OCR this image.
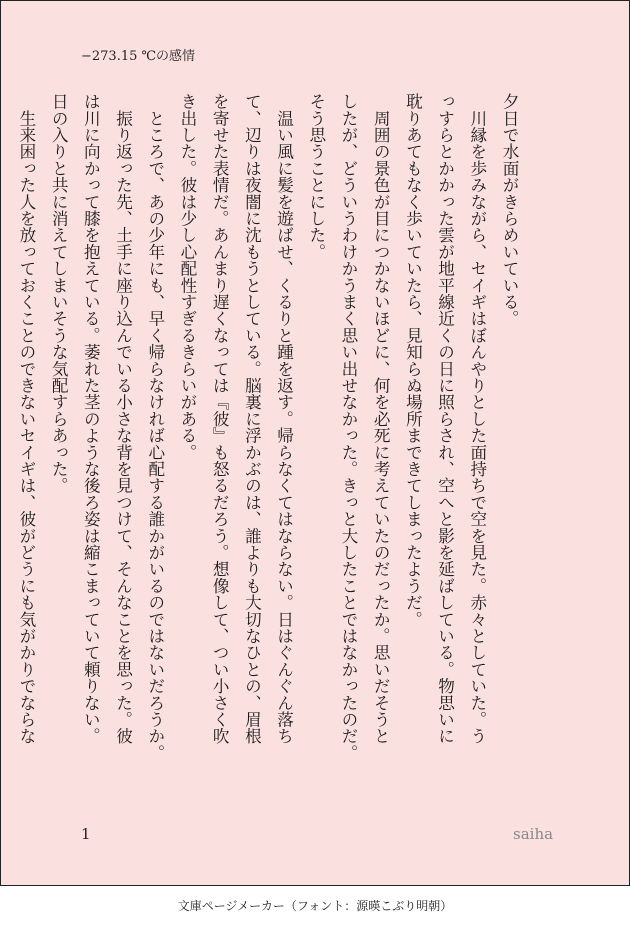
−273.15 ℃の感情

夕日で水面がきらめいている。

　川縁を歩みながら、セイギはぼんやりとした面持ちで空を見た。赤々としていた。う

っすらとかかった雲が地平線近くの日に照らされ、空へと影を延ばしている。物思いに

耽りあてもなく歩いていたら、見知らぬ場所まできてしまったようだ。

　周囲の景色が目につかないほどに、何を必死に考えていたのだったか。思いだそうと

したが、どういうわけかうまく思い出せなかった。きっと大したことではなかったのだ。

そう思うことにした。

　温い風に髪を遊ばせ、くるりと踵を返す。帰らなくてはならない。日はぐんぐん落ち

て、辺りは夜闇に沈もうとしている。脳裏に浮かぶのは、誰よりも大切なひとの、眉根

を寄せた表情だ。あんまり遅くなっては『彼』も怒るだろう。想像して、つい小さく吹

き出した。彼は少し心配性すぎるきらいがある。

　ところで、あの少年にも、早く帰らなければ心配する誰かがいるのではないだろうか。

　振り返った先、土手に座り込んでいる小さな背を見つけて、そんなことを思った。彼

は川に向かって膝を抱えている。萎れた茎のような後ろ姿は縮こまっていて頼りない。

日の入りと共に消えてしまいそうな気配すらあった。

　生来困った人を放っておくことのできないセイギは、彼がどうにも気がかりでならな

1	saiha
文庫ページメーカー（フォント：源暎こぶり明朝）
